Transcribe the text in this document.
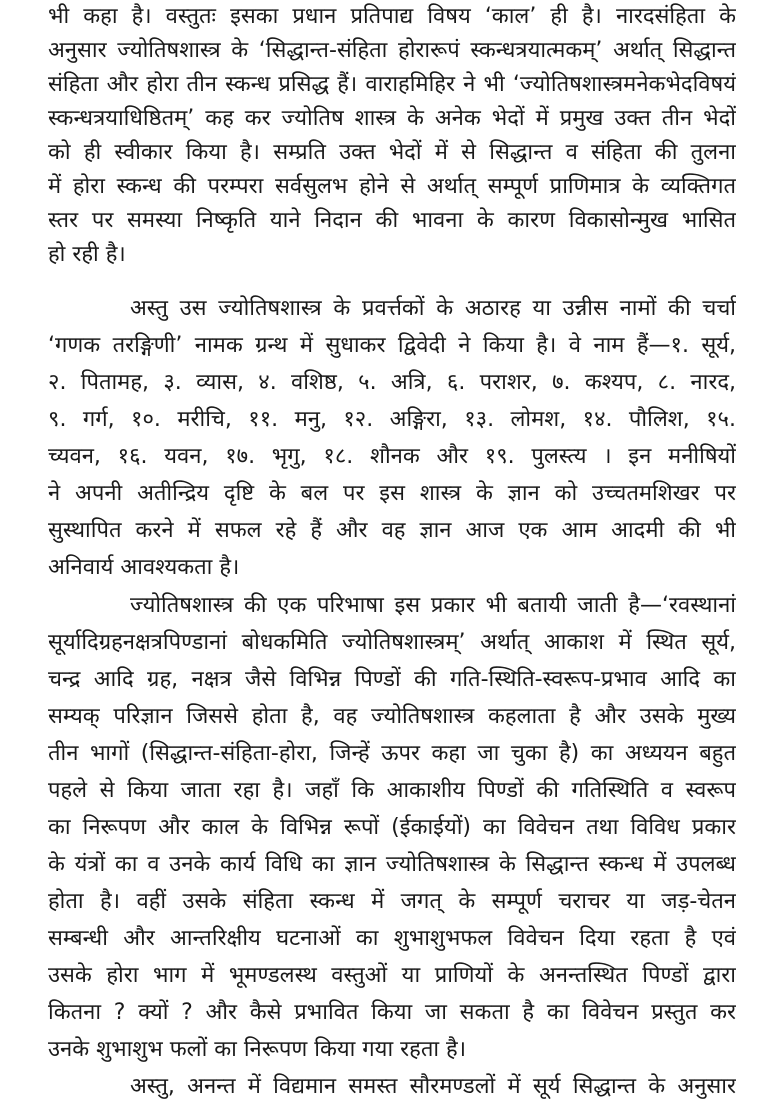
भी कहा है। वस्तुतः इसका प्रधान प्रतिपाद्य विषय ‘काल’ ही है। नारदसंहिता के
अनुसार ज्योतिषशास्त्र के ‘सिद्धान्त-संहिता होरारूपं स्कन्धत्रयात्मकम्’ अर्थात् सिद्धान्त
संहिता और होरा तीन स्कन्ध प्रसिद्ध हैं। वाराहमिहिर ने भी ‘ज्योतिषशास्त्रमनेकभेदविषयं
स्कन्धत्रयाधिष्ठितम्’ कह कर ज्योतिष शास्त्र के अनेक भेदों में प्रमुख उक्त तीन भेदों
को ही स्वीकार किया है। सम्प्रति उक्त भेदों में से सिद्धान्त व संहिता की तुलना
में होरा स्कन्ध की परम्परा सर्वसुलभ होने से अर्थात् सम्पूर्ण प्राणिमात्र के व्यक्तिगत
स्तर पर समस्या निष्कृति याने निदान की भावना के कारण विकासोन्मुख भासित
हो रही है।
अस्तु उस ज्योतिषशास्त्र के प्रवर्त्तकों के अठारह या उन्नीस नामों की चर्चा
‘गणक तरङ्गिणी’ नामक ग्रन्थ में सुधाकर द्विवेदी ने किया है। वे नाम हैं—१. सूर्य,
२. पितामह, ३. व्यास, ४. वशिष्ठ, ५. अत्रि, ६. पराशर, ७. कश्यप, ८. नारद,
९. गर्ग, १०. मरीचि, ११. मनु, १२. अङ्गिरा, १३. लोमश, १४. पौलिश, १५.
च्यवन, १६. यवन, १७. भृगु, १८. शौनक और १९. पुलस्त्य । इन मनीषियों
ने अपनी अतीन्द्रिय दृष्टि के बल पर इस शास्त्र के ज्ञान को उच्चतमशिखर पर
सुस्थापित करने में सफल रहे हैं और वह ज्ञान आज एक आम आदमी की भी
अनिवार्य आवश्यकता है।
ज्योतिषशास्त्र की एक परिभाषा इस प्रकार भी बतायी जाती है—‘रवस्थानां
सूर्यादिग्रहनक्षत्रपिण्डानां बोधकमिति ज्योतिषशास्त्रम्’ अर्थात् आकाश में स्थित सूर्य,
चन्द्र आदि ग्रह, नक्षत्र जैसे विभिन्न पिण्डों की गति-स्थिति-स्वरूप-प्रभाव आदि का
सम्यक् परिज्ञान जिससे होता है, वह ज्योतिषशास्त्र कहलाता है और उसके मुख्य
तीन भागों (सिद्धान्त-संहिता-होरा, जिन्हें ऊपर कहा जा चुका है) का अध्ययन बहुत
पहले से किया जाता रहा है। जहाँ कि आकाशीय पिण्डों की गतिस्थिति व स्वरूप
का निरूपण और काल के विभिन्न रूपों (ईकाईयों) का विवेचन तथा विविध प्रकार
के यंत्रों का व उनके कार्य विधि का ज्ञान ज्योतिषशास्त्र के सिद्धान्त स्कन्ध में उपलब्ध
होता है। वहीं उसके संहिता स्कन्ध में जगत् के सम्पूर्ण चराचर या जड़-चेतन
सम्बन्धी और आन्तरिक्षीय घटनाओं का शुभाशुभफल विवेचन दिया रहता है एवं
उसके होरा भाग में भूमण्डलस्थ वस्तुओं या प्राणियों के अनन्तस्थित पिण्डों द्वारा
कितना ? क्यों ? और कैसे प्रभावित किया जा सकता है का विवेचन प्रस्तुत कर
उनके शुभाशुभ फलों का निरूपण किया गया रहता है।
अस्तु, अनन्त में विद्यमान समस्त सौरमण्डलों में सूर्य सिद्धान्त के अनुसार
